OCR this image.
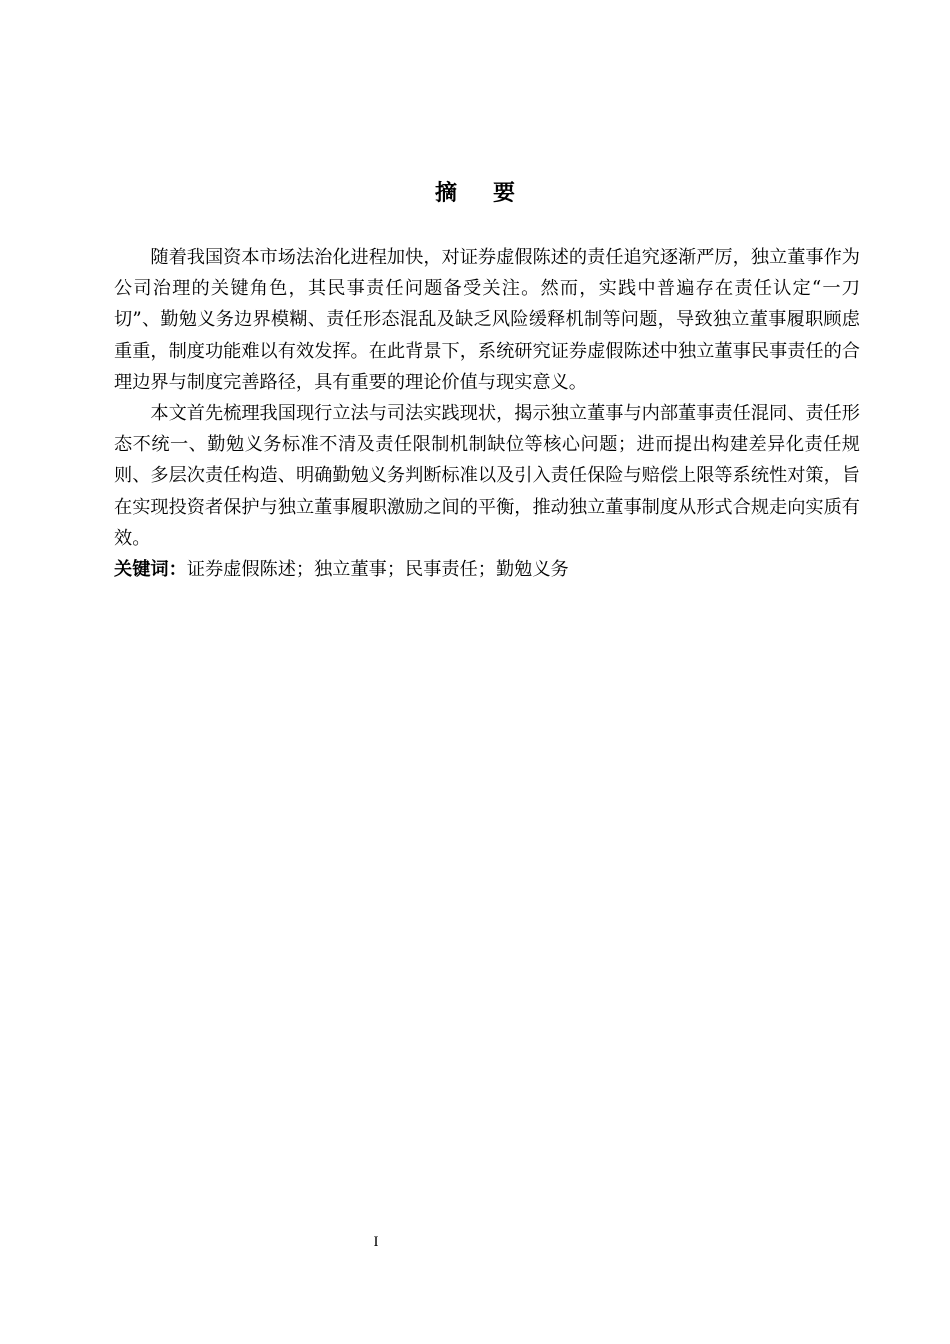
摘要

随着我国资本市场法治化进程加快，对证券虚假陈述的责任追究逐渐严厉，独立董事作为公司治理的关键角色，其民事责任问题备受关注。然而，实践中普遍存在责任认定“一刀切”、勤勉义务边界模糊、责任形态混乱及缺乏风险缓释机制等问题，导致独立董事履职顾虑重重，制度功能难以有效发挥。在此背景下，系统研究证券虚假陈述中独立董事民事责任的合理边界与制度完善路径，具有重要的理论价值与现实意义。

本文首先梳理我国现行立法与司法实践现状，揭示独立董事与内部董事责任混同、责任形态不统一、勤勉义务标准不清及责任限制机制缺位等核心问题；进而提出构建差异化责任规则、多层次责任构造、明确勤勉义务判断标准以及引入责任保险与赔偿上限等系统性对策，旨在实现投资者保护与独立董事履职激励之间的平衡，推动独立董事制度从形式合规走向实质有效。

关键词：证券虚假陈述；独立董事；民事责任；勤勉义务
I
